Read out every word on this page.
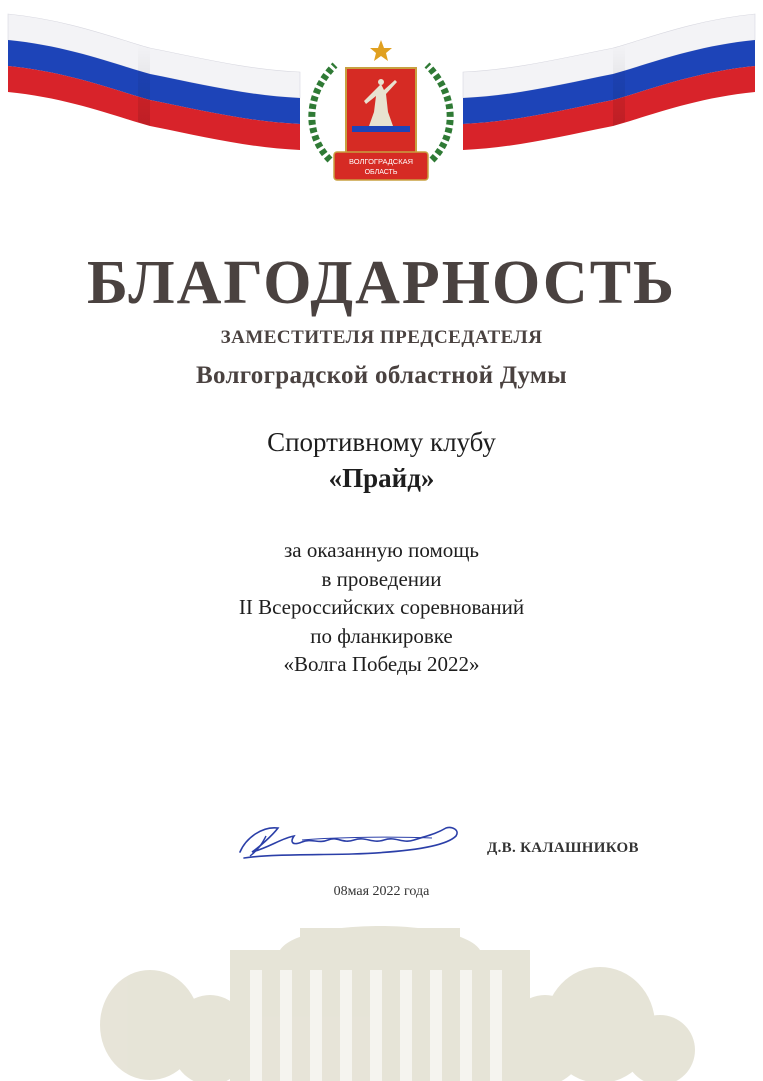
ВОЛГОГРАДСКАЯ
ОБЛАСТЬ
БЛАГОДАРНОСТЬ
ЗАМЕСТИТЕЛЯ ПРЕДСЕДАТЕЛЯ
Волгоградской областной Думы
Спортивному клубу
«Прайд»
за оказанную помощь
в проведении
II Всероссийских соревнований
по фланкировке
«Волга Победы 2022»
Д.В. КАЛАШНИКОВ
08мая 2022 года
